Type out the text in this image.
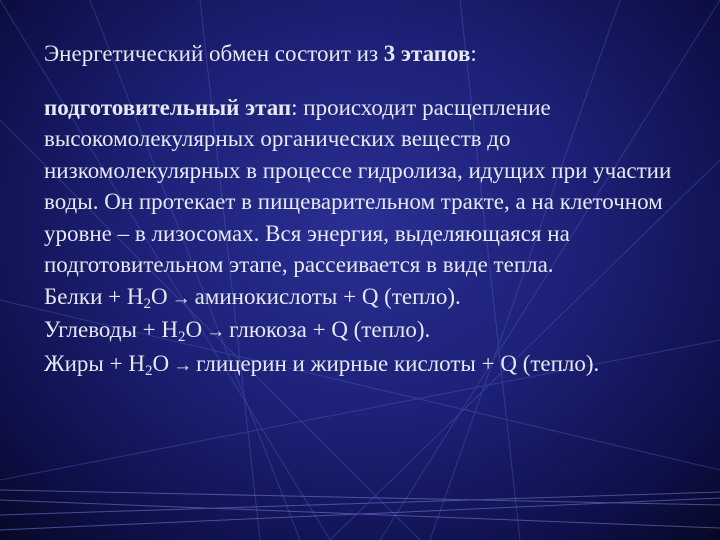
Энергетический обмен состоит из 3 этапов:

подготовительный этап: происходит расщепление высокомолекулярных органических веществ до низкомолекулярных в процессе гидролиза, идущих при участии воды. Он протекает в пищеварительном тракте, а на клеточном уровне – в лизосомах. Вся энергия, выделяющаяся на подготовительном этапе, рассеивается в виде тепла.

Белки + $H_2O$ → аминокислоты + Q (тепло).

Углеводы + $H_2O$ → глюкоза + Q (тепло).

Жиры + $H_2O$ → глицерин и жирные кислоты + Q (тепло).
